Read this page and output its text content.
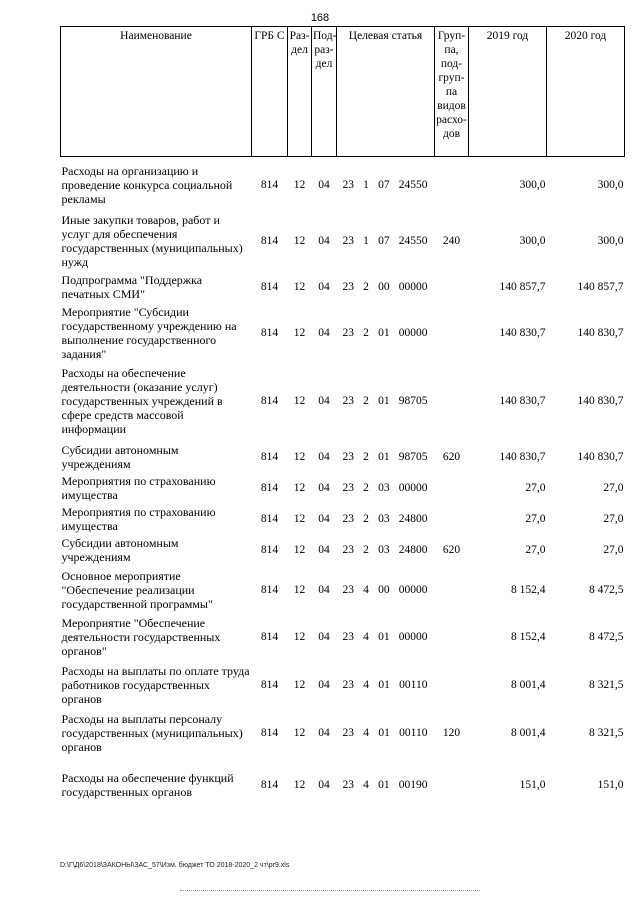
168
Наименование	ГРБ С	Раз- дел	Под- раз- дел	Целевая статья	Груп- па, под- груп- па видов расхо- дов	2019 год	2020 год
Расходы на организацию и проведение конкурса социальной рекламы	814	12	04	23 1 07 24550		300,0	300,0
Иные закупки товаров, работ и услуг для обеспечения государственных (муниципальных) нужд	814	12	04	23 1 07 24550	240	300,0	300,0
Подпрограмма "Поддержка печатных СМИ"	814	12	04	23 2 00 00000		140 857,7	140 857,7
Мероприятие "Субсидии государственному учреждению на выполнение государственного задания"	814	12	04	23 2 01 00000		140 830,7	140 830,7
Расходы на обеспечение деятельности (оказание услуг) государственных учреждений в сфере средств массовой информации	814	12	04	23 2 01 98705		140 830,7	140 830,7
Субсидии автономным учреждениям	814	12	04	23 2 01 98705	620	140 830,7	140 830,7
Мероприятия по страхованию имущества	814	12	04	23 2 03 00000		27,0	27,0
Мероприятия по страхованию имущества	814	12	04	23 2 03 24800		27,0	27,0
Субсидии автономным учреждениям	814	12	04	23 2 03 24800	620	27,0	27,0
Основное мероприятие "Обеспечение реализации государственной программы"	814	12	04	23 4 00 00000		8 152,4	8 472,5
Мероприятие "Обеспечение деятельности государственных органов"	814	12	04	23 4 01 00000		8 152,4	8 472,5
Расходы на выплаты по оплате труда работников государственных органов	814	12	04	23 4 01 00110		8 001,4	8 321,5
Расходы на выплаты персоналу государственных (муниципальных) органов	814	12	04	23 4 01 00110	120	8 001,4	8 321,5
Расходы на обеспечение функций государственных органов	814	12	04	23 4 01 00190		151,0	151,0
D:\Г\Д6\2018\ЗАКОНЫ\ЗАС_57\Изм. бюджет ТО 2018-2020_2 чт\pr9.xls
